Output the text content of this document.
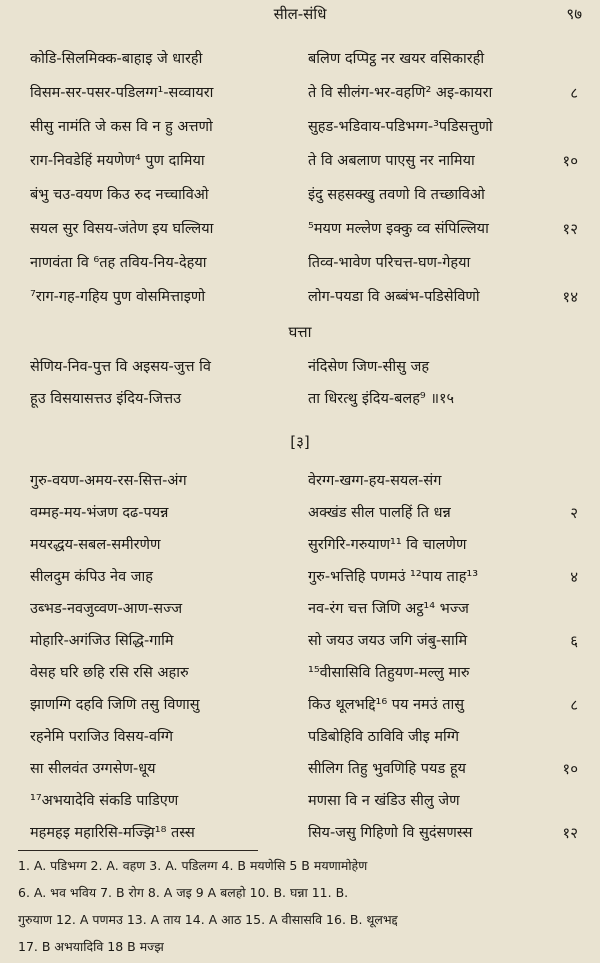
सील-संधि	९७
कोडि-सिलमिक्क-बाहाइ जे धारही	बलिण दप्पिट्ठ नर खयर वसिकारही
विसम-सर-पसर-पडिलग्ग¹-सव्वायरा	ते वि सीलंग-भर-वहणि² अइ-कायरा	८
सीसु नामंति जे कस वि न हु अत्तणो	सुहड-भडिवाय-पडिभग्ग-³पडिसत्तुणो
राग-निवडेहिं मयणेण⁴ पुण दामिया	ते वि अबलाण पाएसु नर नामिया	१०
बंभु चउ-वयण किउ रुद नच्चाविओ	इंदु सहसक्खु तवणो वि तच्छाविओ
सयल सुर विसय-जंतेण इय घल्लिया	⁵मयण मल्लेण इक्कु व्व संपिल्लिया	१२
नाणवंता वि ⁶तह तविय-निय-देहया	तिव्व-भावेण परिचत्त-घण-गेहया
⁷राग-गह-गहिय पुण वोसमित्ताइणो	लोग-पयडा वि अब्बंभ-पडिसेविणो	१४
घत्ता
सेणिय-निव-पुत्त वि अइसय-जुत्त वि	नंदिसेण जिण-सीसु जह
हूउ विसयासत्तउ इंदिय-जित्तउ	ता धिरत्थु इंदिय-बलह⁹ ॥१५
[३]
गुरु-वयण-अमय-रस-सित्त-अंग	वेरग्ग-खग्ग-हय-सयल-संग
वम्मह-मय-भंजण दढ-पयन्न	अक्खंड सील पालहिं ति धन्न	२
मयरद्धय-सबल-समीरणेण	सुरगिरि-गरुयाण¹¹ वि चालणेण
सीलदुम कंपिउ नेव जाह	गुरु-भत्तिहि पणमउं ¹²पाय ताह¹³	४
उब्भड-नवजुव्वण-आण-सज्ज	नव-रंग चत्त जिणि अट्ठ¹⁴ भज्ज
मोहारि-अगंजिउ सिद्धि-गामि	सो जयउ जयउ जगि जंबु-सामि	६
वेसह घरि छहि रसि रसि अहारु	¹⁵वीसासिवि तिहुयण-मल्लु मारु
झाणग्गि दहवि जिणि तसु विणासु	किउ थूलभद्दि¹⁶ पय नमउं तासु	८
रहनेमि पराजिउ विसय-वग्गि	पडिबोहिवि ठाविवि जीइ मग्गि
सा सीलवंत उग्गसेण-धूय	सीलिग तिहु भुवणिहि पयड हूय	१०
¹⁷अभयादेवि संकडि पाडिएण	मणसा वि न खंडिउ सीलु जेण
महमहइ महारिसि-मज्झि¹⁸ तस्स	सिय-जसु गिहिणो वि सुदंसणस्स	१२
1. A. पडिभग्ग 2. A. वहण 3. A. पडिलग्ग 4. B मयणेसि 5 B मयणामोहेण
6. A. भव भविय 7. B रोग 8. A जइ 9 A बलहो 10. B. घन्ना 11. B.
गुरुयाण 12. A पणमउ 13. A ताय 14. A आठ 15. A वीसासवि 16. B. थूलभद्द
17. B अभयादिवि 18 B मज्झ
